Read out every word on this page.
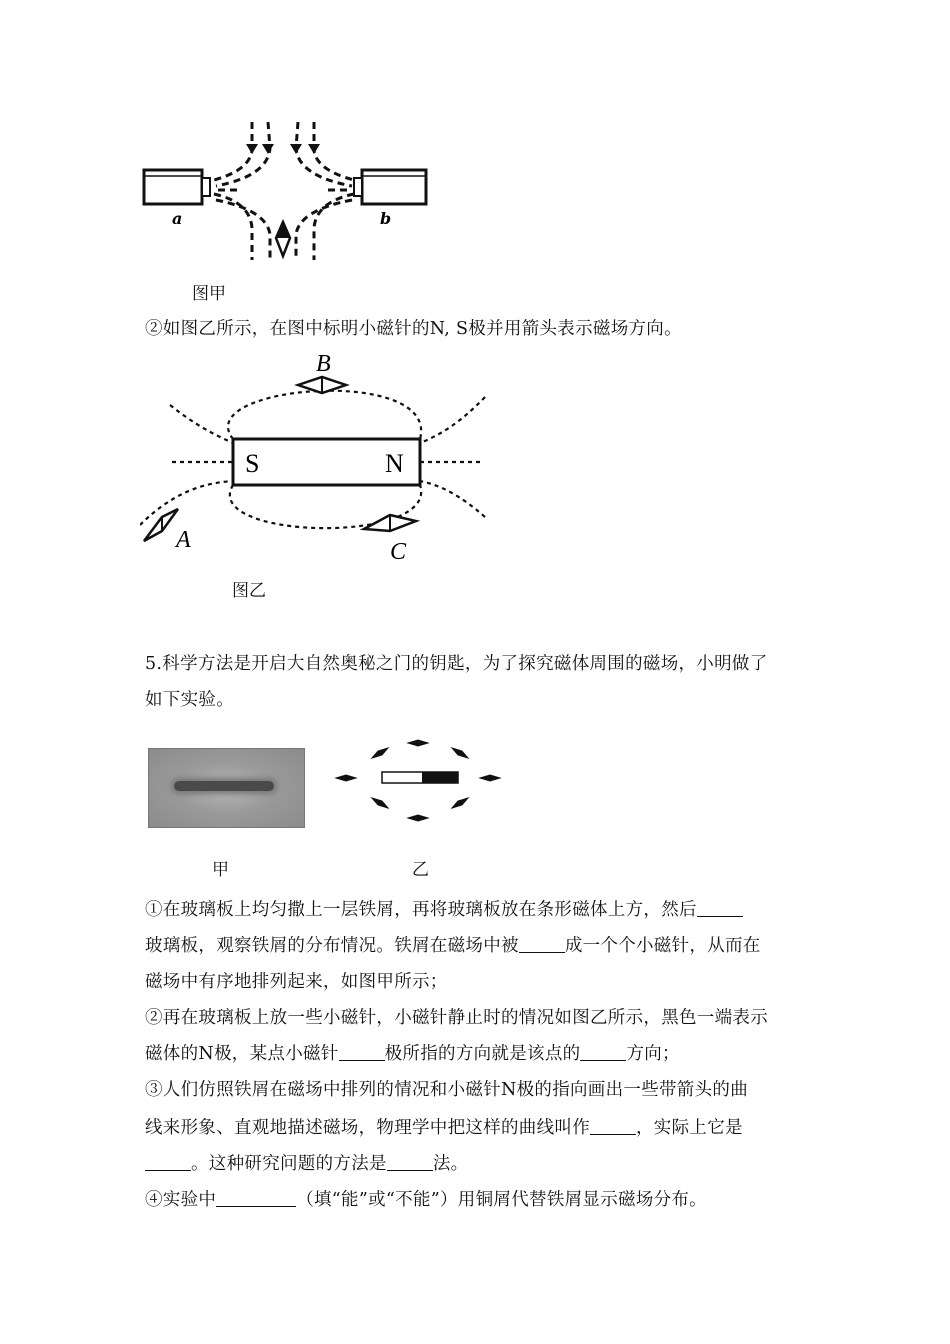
a	b
图甲
②如图乙所示，在图中标明小磁针的N, S极并用箭头表示磁场方向。
S	N
B
A	C
图乙
5.科学方法是开启大自然奥秘之门的钥匙，为了探究磁体周围的磁场，小明做了
如下实验。
甲	乙
①在玻璃板上均匀撒上一层铁屑，再将玻璃板放在条形磁体上方，然后
玻璃板，观察铁屑的分布情况。铁屑在磁场中被	成一个个小磁针，从而在
磁场中有序地排列起来，如图甲所示；
②再在玻璃板上放一些小磁针，小磁针静止时的情况如图乙所示，黑色一端表示
磁体的N极，某点小磁针	极所指的方向就是该点的	方向；
③人们仿照铁屑在磁场中排列的情况和小磁针N极的指向画出一些带箭头的曲
线来形象、直观地描述磁场，物理学中把这样的曲线叫作	，实际上它是
。这种研究问题的方法是	法。
④实验中	（填“能”或“不能”）用铜屑代替铁屑显示磁场分布。
